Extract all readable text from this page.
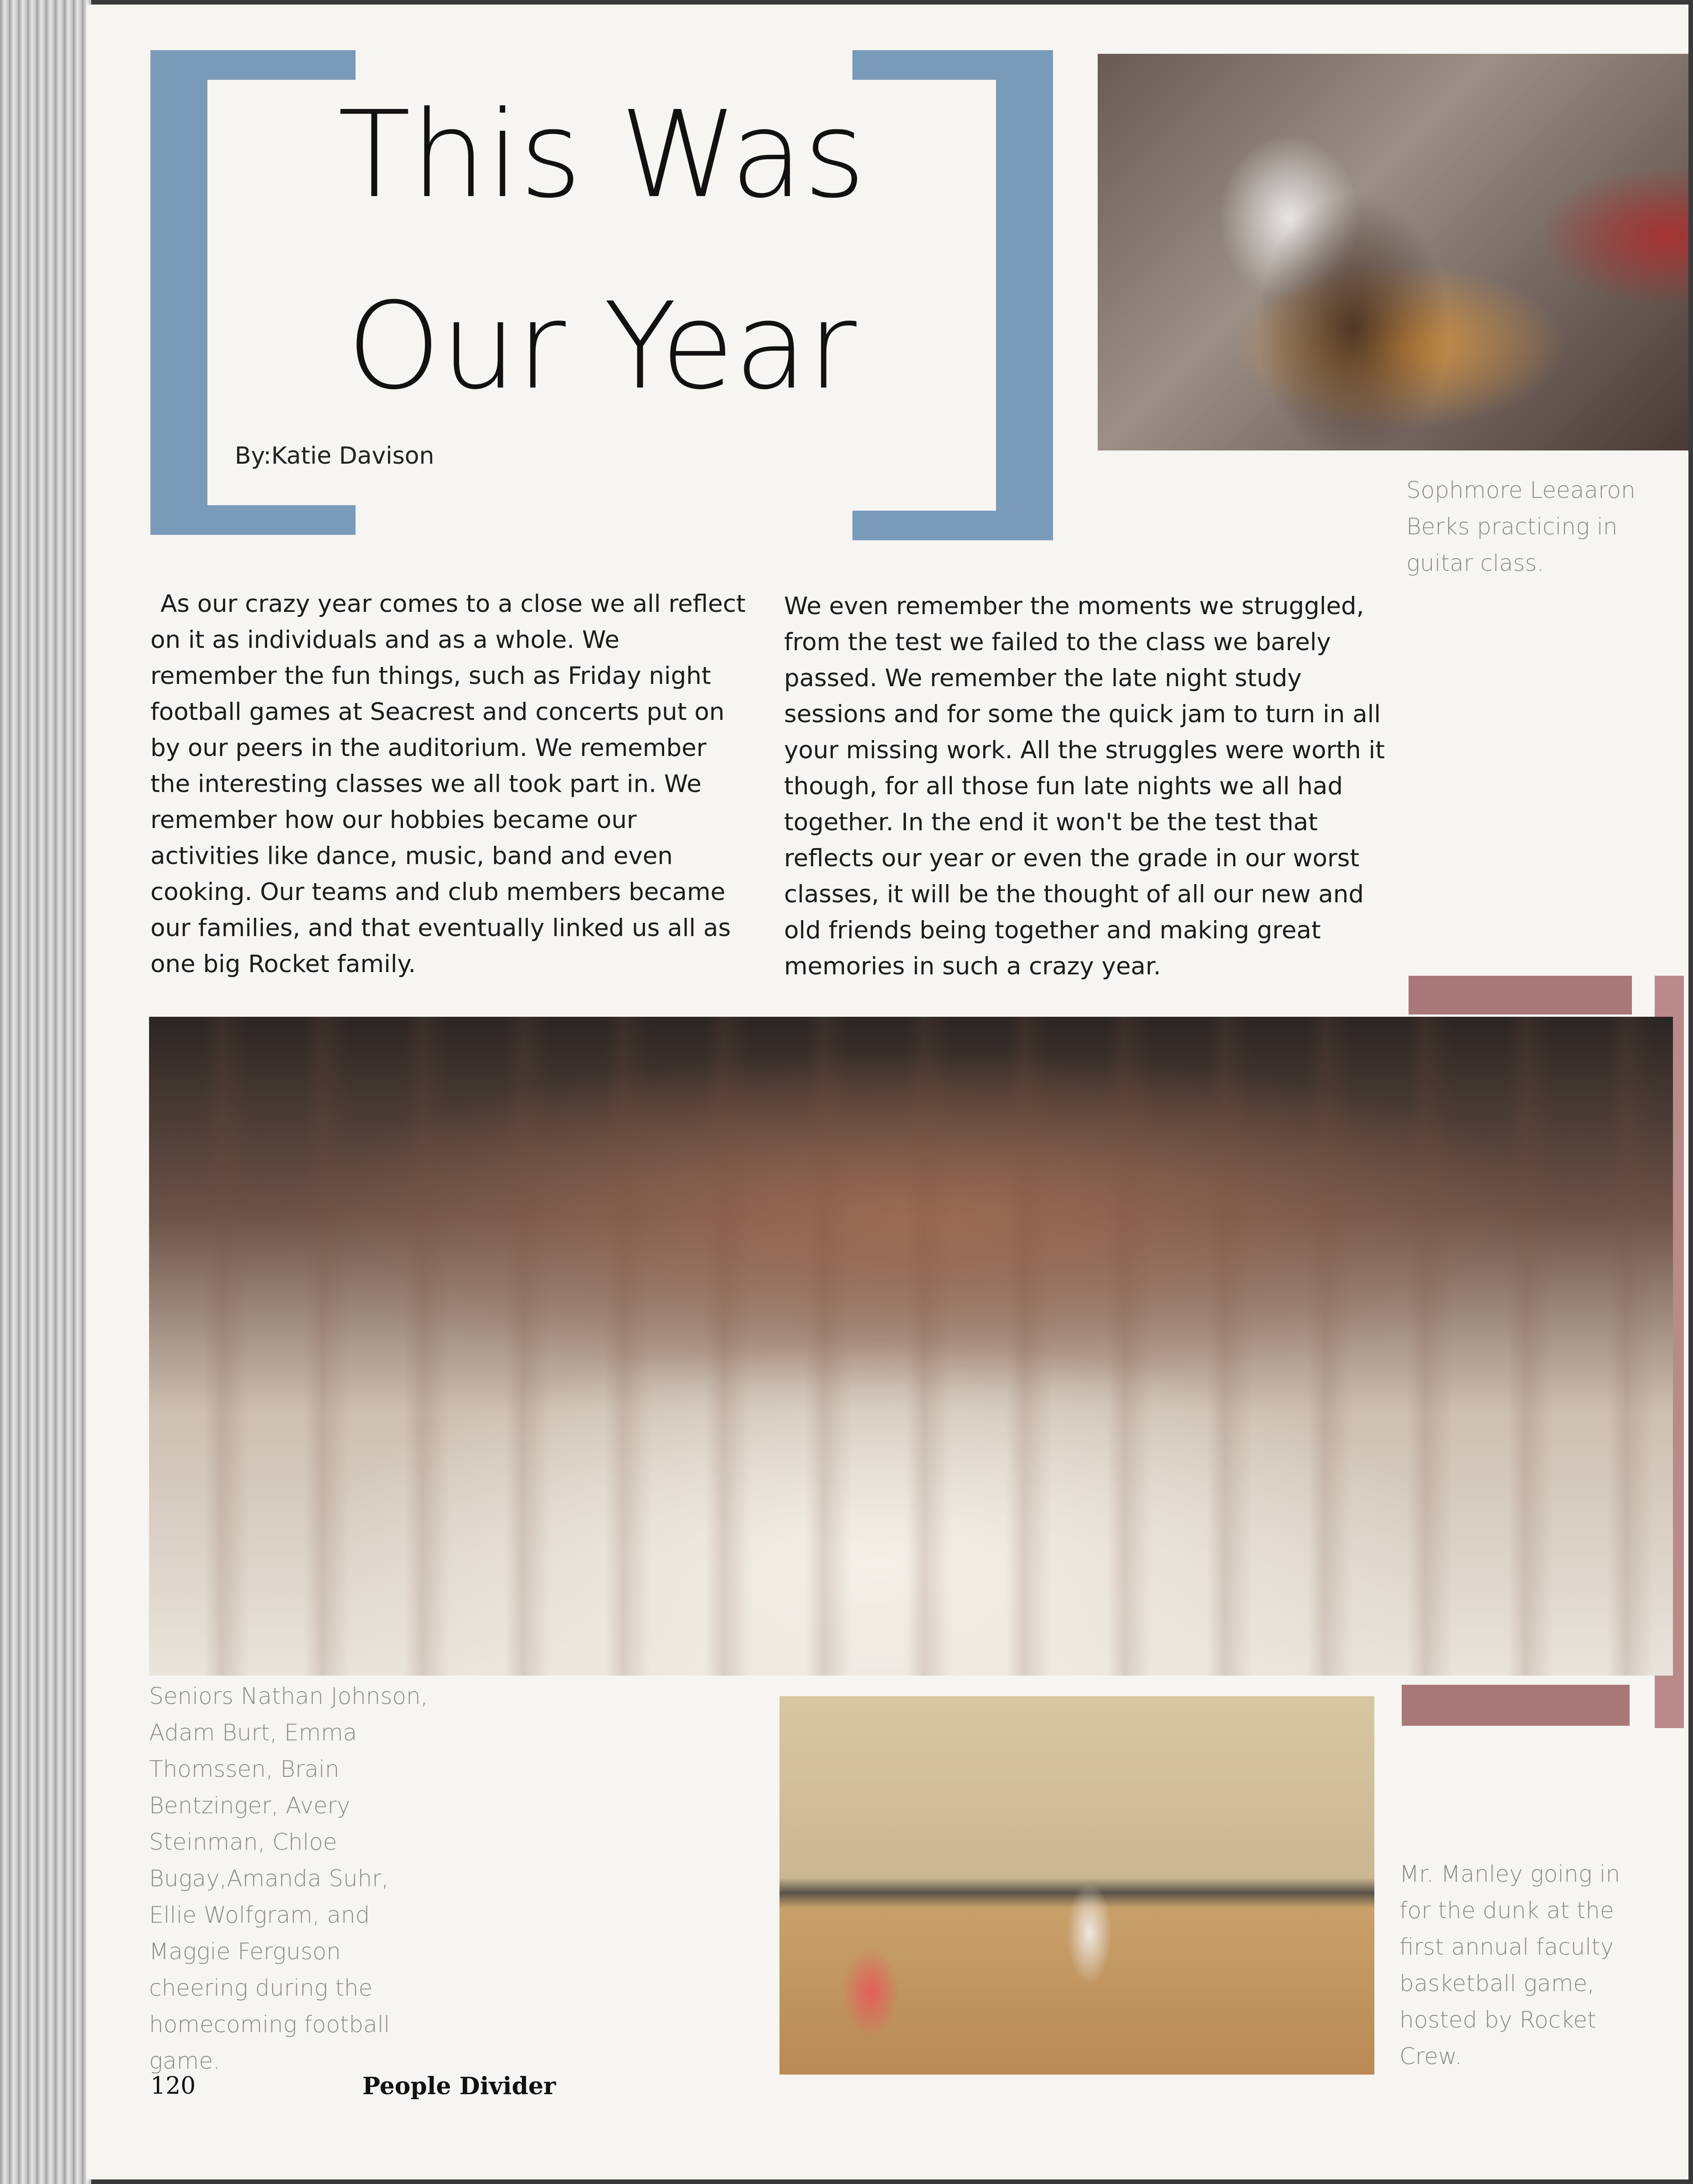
This Was Our Year
By:Katie Davison

Sophmore Leeaaron Berks practicing in guitar class.

As our crazy year comes to a close we all reflect on it as individuals and as a whole. We remember the fun things, such as Friday night football games at Seacrest and concerts put on by our peers in the auditorium. We remember the interesting classes we all took part in. We remember how our hobbies became our activities like dance, music, band and even cooking. Our teams and club members became our families, and that eventually linked us all as one big Rocket family.

We even remember the moments we struggled, from the test we failed to the class we barely passed. We remember the late night study sessions and for some the quick jam to turn in all your missing work. All the struggles were worth it though, for all those fun late nights we all had together. In the end it won't be the test that reflects our year or even the grade in our worst classes, it will be the thought of all our new and old friends being together and making great memories in such a crazy year.

Seniors Nathan Johnson, Adam Burt, Emma Thomssen, Brain Bentzinger, Avery Steinman, Chloe Bugay,Amanda Suhr, Ellie Wolfgram, and Maggie Ferguson cheering during the homecoming football game.

Mr. Manley going in for the dunk at the first annual faculty basketball game, hosted by Rocket Crew.

120	People Divider
